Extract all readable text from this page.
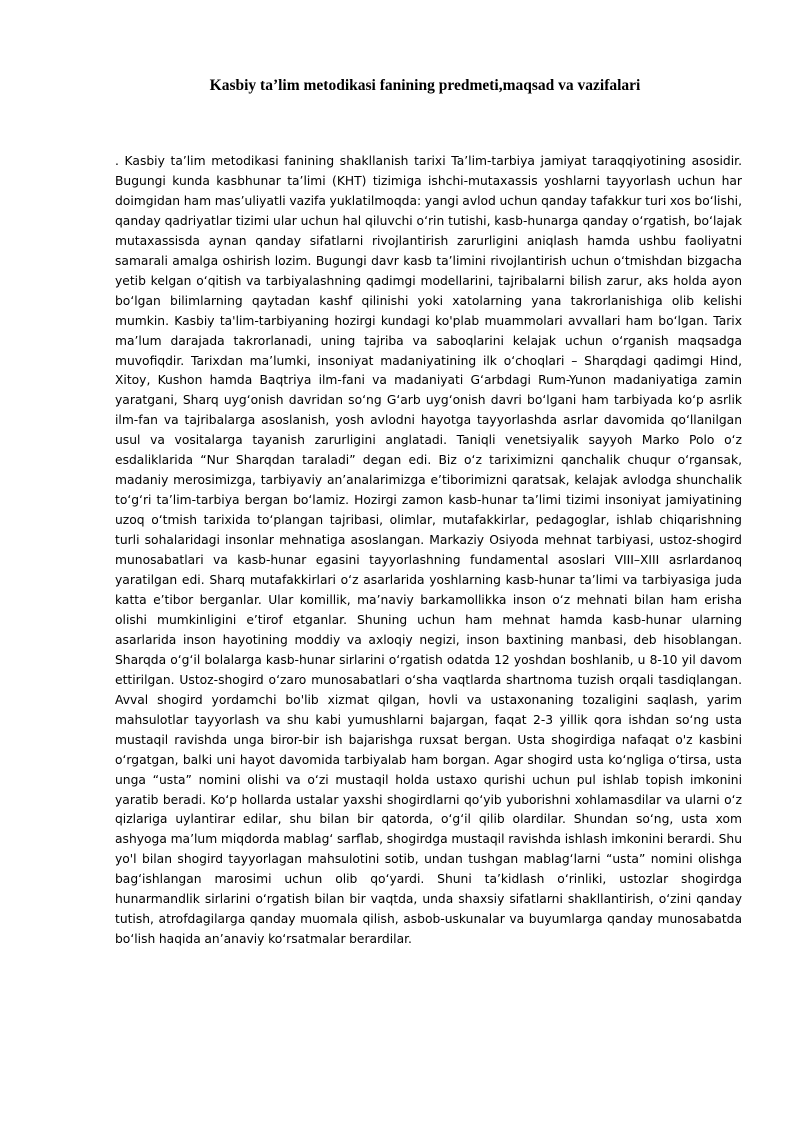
Kasbiy ta’lim metodikasi fanining predmeti,maqsad va vazifalari

. Kasbiy ta’lim metodikasi fanining shakllanish tarixi Ta’lim-tarbiya jamiyat taraqqiyotining asosidir. Bugungi kunda kasbhunar ta’limi (KHT) tizimiga ishchi-mutaxassis yoshlarni tayyorlash uchun har doimgidan ham mas’uliyatli vazifa yuklatilmoqda: yangi avlod uchun qanday tafakkur turi xos bo‘lishi, qanday qadriyatlar tizimi ular uchun hal qiluvchi o‘rin tutishi, kasb-hunarga qanday o‘rgatish, bo‘lajak mutaxassisda aynan qanday sifatlarni rivojlantirish zarurligini aniqlash hamda ushbu faoliyatni samarali amalga oshirish lozim. Bugungi davr kasb ta’limini rivojlantirish uchun o‘tmishdan bizgacha yetib kelgan o‘qitish va tarbiyalashning qadimgi modellarini, tajribalarni bilish zarur, aks holda ayon bo‘lgan bilimlarning qaytadan kashf qilinishi yoki xatolarning yana takrorlanishiga olib kelishi mumkin. Kasbiy ta'lim-tarbiyaning hozirgi kundagi ko'plab muammolari avvallari ham bo‘lgan. Tarix ma’lum darajada takrorlanadi, uning tajriba va saboqlarini kelajak uchun o‘rganish maqsadga muvofiqdir. Tarixdan ma’lumki, insoniyat madaniyatining ilk o‘choqlari – Sharqdagi qadimgi Hind, Xitoy, Kushon hamda Baqtriya ilm-fani va madaniyati G‘arbdagi Rum-Yunon madaniyatiga zamin yaratgani, Sharq uyg‘onish davridan so‘ng G‘arb uyg‘onish davri bo‘lgani ham tarbiyada ko‘p asrlik ilm-fan va tajribalarga asoslanish, yosh avlodni hayotga tayyorlashda asrlar davomida qo‘llanilgan usul va vositalarga tayanish zarurligini anglatadi. Taniqli venetsiyalik sayyoh Marko Polo o‘z esdaliklarida “Nur Sharqdan taraladi” degan edi. Biz o‘z tariximizni qanchalik chuqur o‘rgansak, madaniy merosimizga, tarbiyaviy an’analarimizga e’tiborimizni qaratsak, kelajak avlodga shunchalik to‘g‘ri ta’lim-tarbiya bergan bo‘lamiz. Hozirgi zamon kasb-hunar ta’limi tizimi insoniyat jamiyatining uzoq o‘tmish tarixida to‘plangan tajribasi, olimlar, mutafakkirlar, pedagoglar, ishlab chiqarishning turli sohalaridagi insonlar mehnatiga asoslangan. Markaziy Osiyoda mehnat tarbiyasi, ustoz-shogird munosabatlari va kasb-hunar egasini tayyorlashning fundamental asoslari VIII–XIII asrlardanoq yaratilgan edi. Sharq mutafakkirlari o‘z asarlarida yoshlarning kasb-hunar ta’limi va tarbiyasiga juda katta e’tibor berganlar. Ular komillik, ma’naviy barkamollikka inson o‘z mehnati bilan ham erisha olishi mumkinligini e’tirof etganlar. Shuning uchun ham mehnat hamda kasb-hunar ularning asarlarida inson hayotining moddiy va axloqiy negizi, inson baxtining manbasi, deb hisoblangan. Sharqda o‘g‘il bolalarga kasb-hunar sirlarini o‘rgatish odatda 12 yoshdan boshlanib, u 8-10 yil davom ettirilgan. Ustoz-shogird o‘zaro munosabatlari o‘sha vaqtlarda shartnoma tuzish orqali tasdiqlangan. Avval shogird yordamchi bo'lib xizmat qilgan, hovli va ustaxonaning tozaligini saqlash, yarim mahsulotlar tayyorlash va shu kabi yumushlarni bajargan, faqat 2-3 yillik qora ishdan so‘ng usta mustaqil ravishda unga biror-bir ish bajarishga ruxsat bergan. Usta shogirdiga nafaqat o'z kasbini o‘rgatgan, balki uni hayot davomida tarbiyalab ham borgan. Agar shogird usta ko‘ngliga o‘tirsa, usta unga “usta” nomini olishi va o‘zi mustaqil holda ustaxo qurishi uchun pul ishlab topish imkonini yaratib beradi. Ko‘p hollarda ustalar yaxshi shogirdlarni qo‘yib yuborishni xohlamasdilar va ularni o‘z qizlariga uylantirar edilar, shu bilan bir qatorda, o‘g‘il qilib olardilar. Shundan so‘ng, usta xom ashyoga ma’lum miqdorda mablag‘ sarflab, shogirdga mustaqil ravishda ishlash imkonini berardi. Shu yo'l bilan shogird tayyorlagan mahsulotini sotib, undan tushgan mablag‘larni “usta” nomini olishga bag‘ishlangan marosimi uchun olib qo‘yardi. Shuni ta’kidlash o‘rinliki, ustozlar shogirdga hunarmandlik sirlarini o‘rgatish bilan bir vaqtda, unda shaxsiy sifatlarni shakllantirish, o‘zini qanday tutish, atrofdagilarga qanday muomala qilish, asbob-uskunalar va buyumlarga qanday munosabatda bo‘lish haqida an’anaviy ko‘rsatmalar berardilar.
